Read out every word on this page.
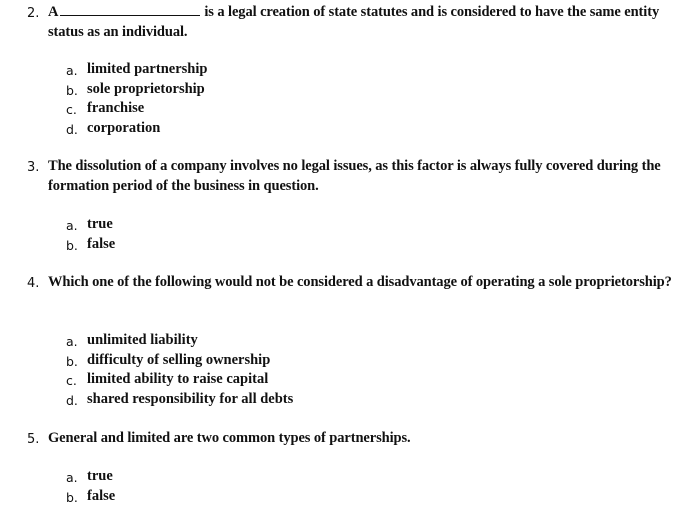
2. A	is a legal creation of state statutes and is considered to have the same entity status as an individual.
a. limited partnership
b. sole proprietorship
c. franchise
d. corporation
3. The dissolution of a company involves no legal issues, as this factor is always fully covered during the formation period of the business in question.
a. true
b. false
4. Which one of the following would not be considered a disadvantage of operating a sole proprietorship?
a. unlimited liability
b. difficulty of selling ownership
c. limited ability to raise capital
d. shared responsibility for all debts
5. General and limited are two common types of partnerships.
a. true
b. false
